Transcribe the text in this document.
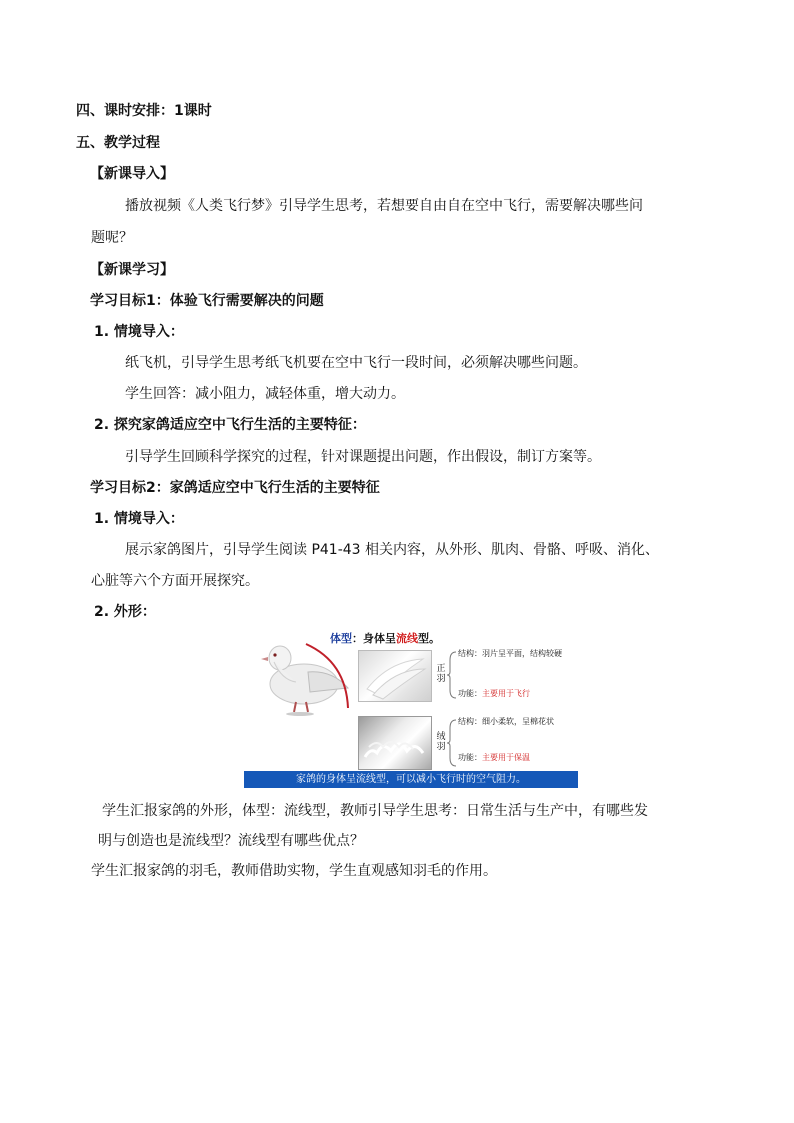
四、课时安排：1课时
五、教学过程
【新课导入】
播放视频《人类飞行梦》引导学生思考，若想要自由自在空中飞行，需要解决哪些问
题呢？
【新课学习】
学习目标1：体验飞行需要解决的问题
1. 情境导入：
纸飞机，引导学生思考纸飞机要在空中飞行一段时间，必须解决哪些问题。
学生回答：减小阻力，减轻体重，增大动力。
2. 探究家鸽适应空中飞行生活的主要特征：
引导学生回顾科学探究的过程，针对课题提出问题，作出假设，制订方案等。
学习目标2：家鸽适应空中飞行生活的主要特征
1. 情境导入：
展示家鸽图片，引导学生阅读 P41-43 相关内容，从外形、肌肉、骨骼、呼吸、消化、
心脏等六个方面开展探究。
2. 外形：
体型：身体呈流线型。
正羽
结构：羽片呈平面，结构较硬
功能：主要用于飞行
绒羽
结构：细小柔软，呈棉花状
功能：主要用于保温
家鸽的身体呈流线型，可以减小飞行时的空气阻力。
学生汇报家鸽的外形，体型：流线型，教师引导学生思考：日常生活与生产中，有哪些发
明与创造也是流线型？流线型有哪些优点？
学生汇报家鸽的羽毛，教师借助实物，学生直观感知羽毛的作用。
